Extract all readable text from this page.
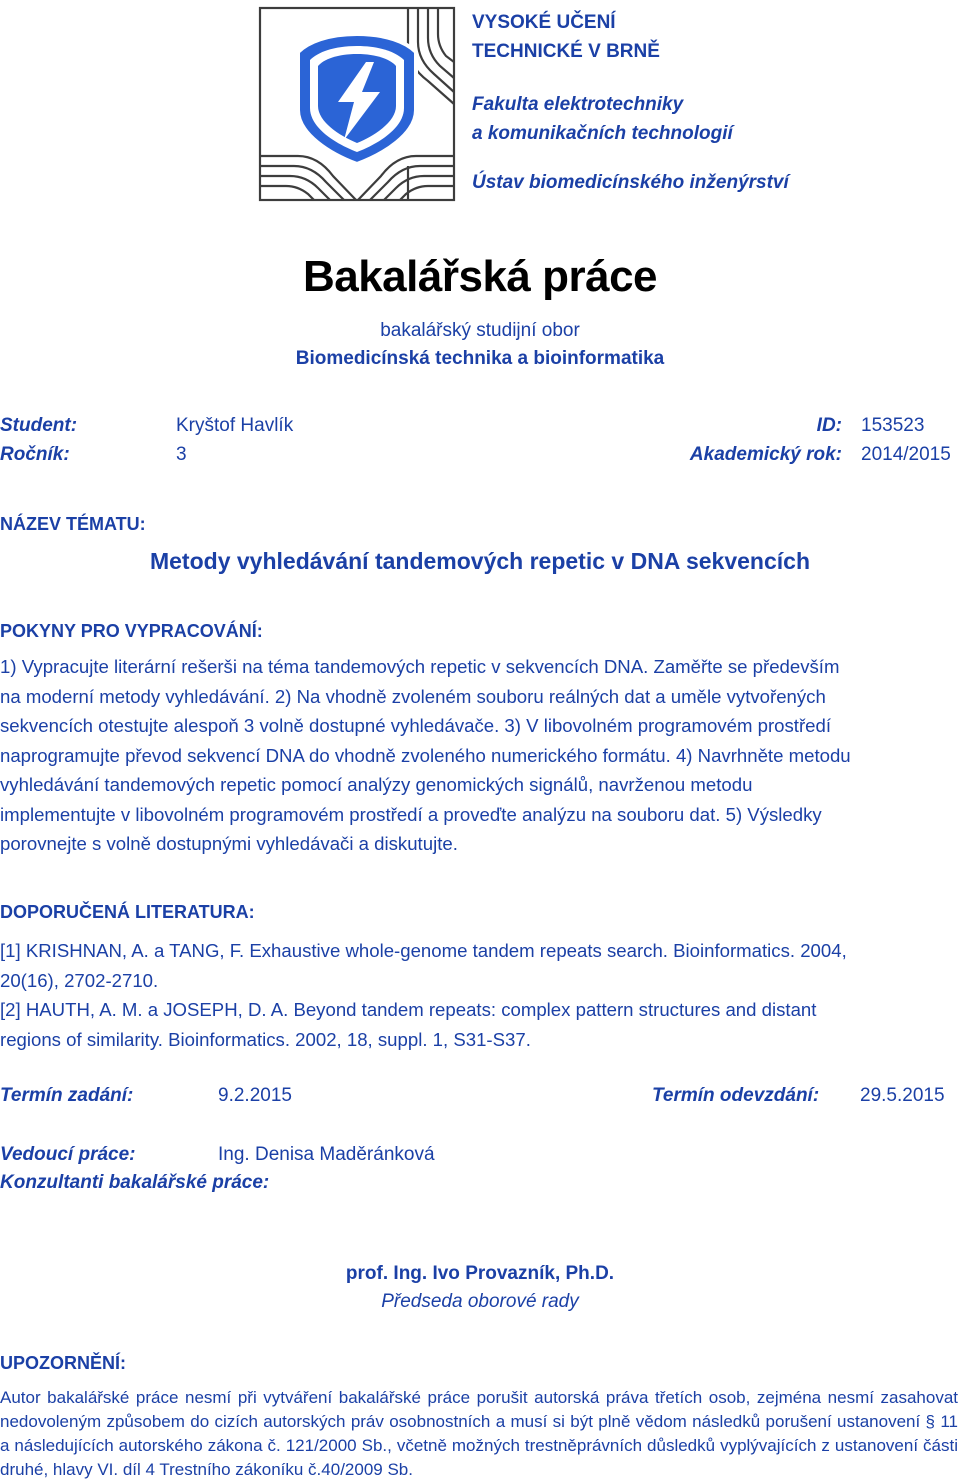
VYSOKÉ UČENÍ
TECHNICKÉ V BRNĚ
Fakulta elektrotechniky
a komunikačních technologií
Ústav biomedicínského inženýrství
Bakalářská práce
bakalářský studijní obor
Biomedicínská technika a bioinformatika
Student:	Kryštof Havlík	ID: 153523
Ročník:	3	Akademický rok: 2014/2015
NÁZEV TÉMATU:
Metody vyhledávání tandemových repetic v DNA sekvencích
POKYNY PRO VYPRACOVÁNÍ:
1) Vypracujte literární rešerši na téma tandemových repetic v sekvencích DNA. Zaměřte se především
na moderní metody vyhledávání. 2) Na vhodně zvoleném souboru reálných dat a uměle vytvořených
sekvencích otestujte alespoň 3 volně dostupné vyhledávače. 3) V libovolném programovém prostředí
naprogramujte převod sekvencí DNA do vhodně zvoleného numerického formátu. 4) Navrhněte metodu
vyhledávání tandemových repetic pomocí analýzy genomických signálů, navrženou metodu
implementujte v libovolném programovém prostředí a proveďte analýzu na souboru dat. 5) Výsledky
porovnejte s volně dostupnými vyhledávači a diskutujte.
DOPORUČENÁ LITERATURA:
[1] KRISHNAN, A. a TANG, F. Exhaustive whole-genome tandem repeats search. Bioinformatics. 2004,
20(16), 2702-2710.
[2] HAUTH, A. M. a JOSEPH, D. A. Beyond tandem repeats: complex pattern structures and distant
regions of similarity. Bioinformatics. 2002, 18, suppl. 1, S31-S37.
Termín zadání:	9.2.2015	Termín odevzdání: 29.5.2015
Vedoucí práce:	Ing. Denisa Maděránková
Konzultanti bakalářské práce:
prof. Ing. Ivo Provazník, Ph.D.
Předseda oborové rady
UPOZORNĚNÍ:
Autor bakalářské práce nesmí při vytváření bakalářské práce porušit autorská práva třetích osob, zejména nesmí zasahovat nedovoleným způsobem do cizích autorských práv osobnostních a musí si být plně vědom následků porušení ustanovení § 11 a následujících autorského zákona č. 121/2000 Sb., včetně možných trestněprávních důsledků vyplývajících z ustanovení části druhé, hlavy VI. díl 4 Trestního zákoníku č.40/2009 Sb.
